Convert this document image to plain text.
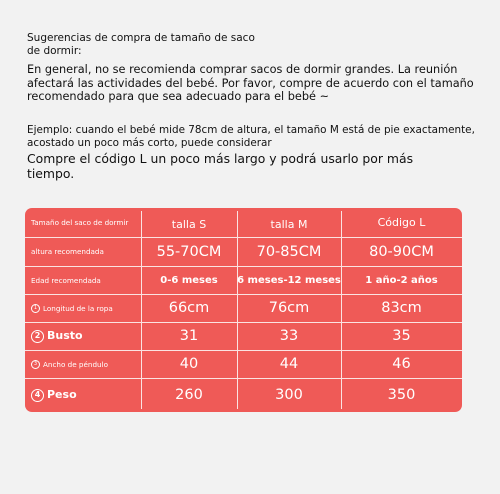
Sugerencias de compra de tamaño de saco de dormir:

En general, no se recomienda comprar sacos de dormir grandes. La reunión afectará las actividades del bebé. Por favor, compre de acuerdo con el tamaño recomendado para que sea adecuado para el bebé ~

Ejemplo: cuando el bebé mide 78cm de altura, el tamaño M está de pie exactamente, acostado un poco más corto, puede considerar

Compre el código L un poco más largo y podrá usarlo por más tiempo.

Tamaño del saco de dormir	talla S	talla M	Código L
altura recomendada	55-70CM	70-85CM	80-90CM
Edad recomendada	0-6 meses	6 meses-12 meses	1 año-2 años
1 Longitud de la ropa	66cm	76cm	83cm
2 Busto	31	33	35
3 Ancho de péndulo	40	44	46
4 Peso	260	300	350
